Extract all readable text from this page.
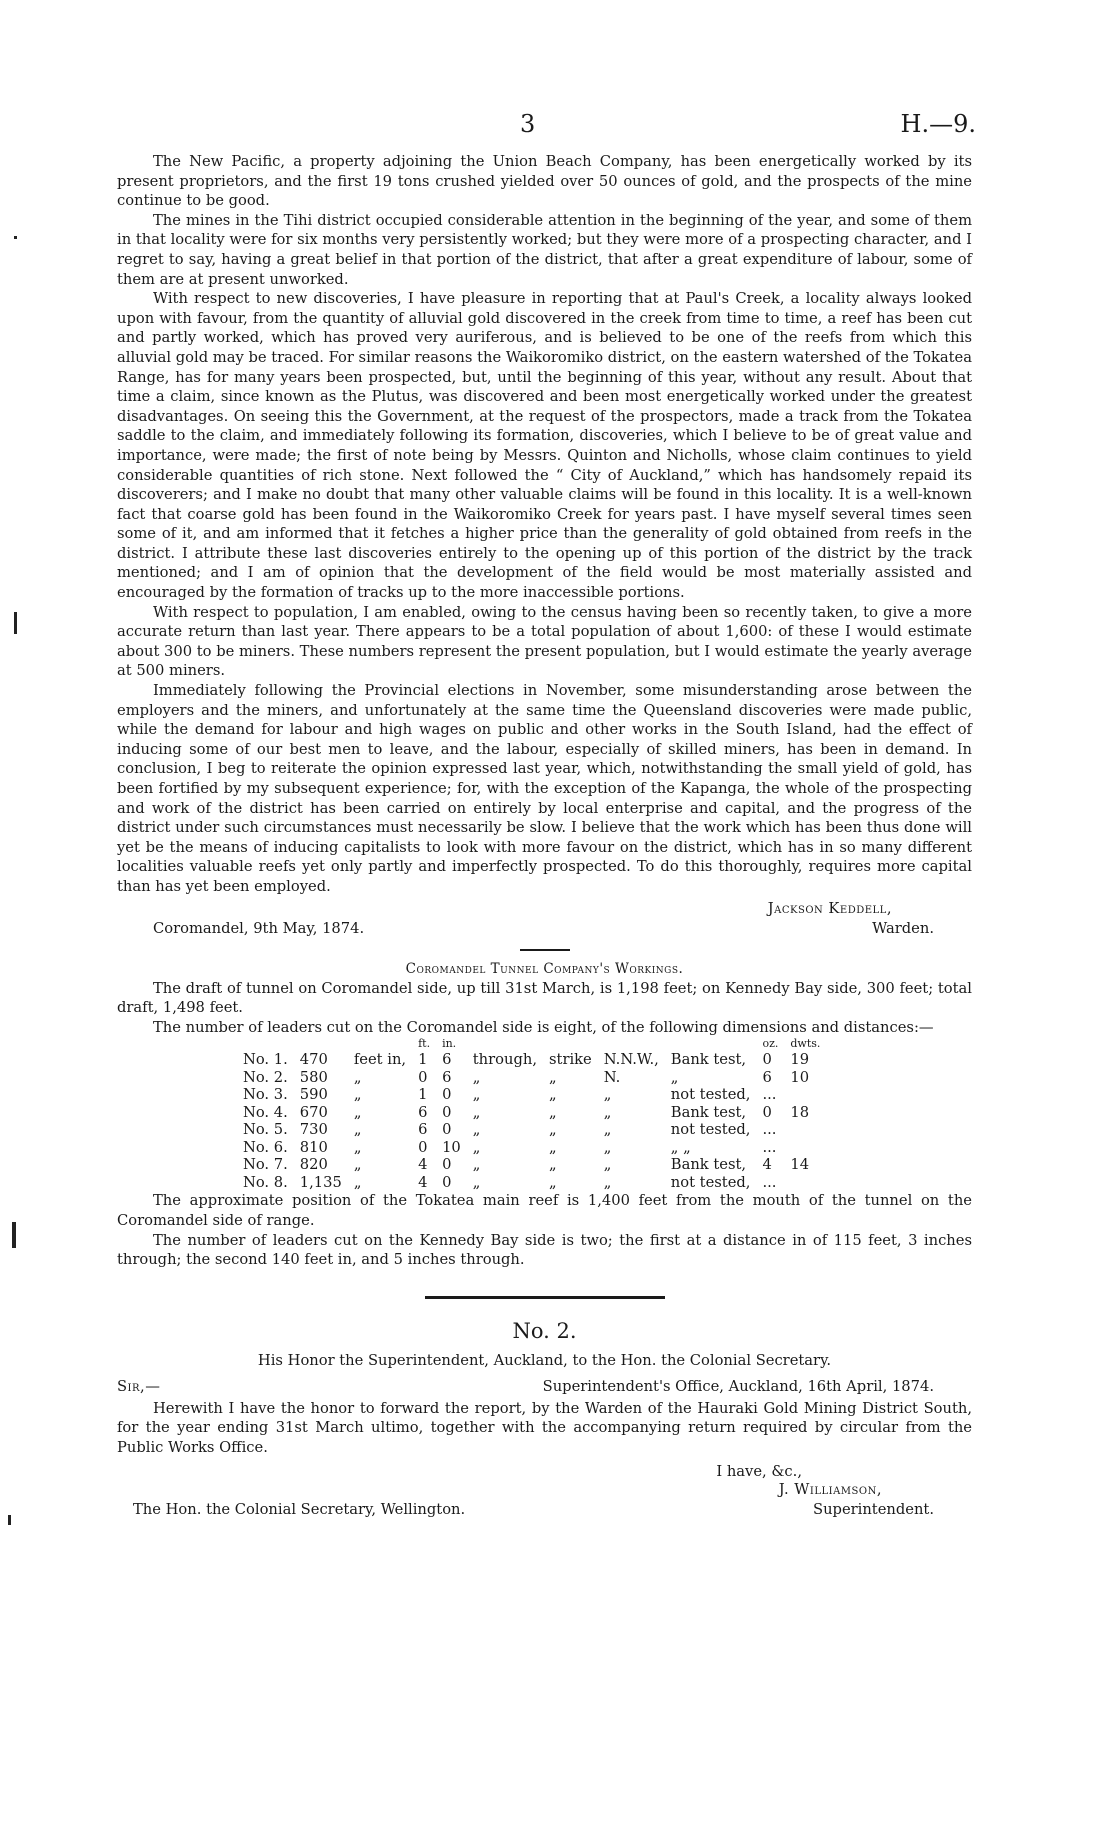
3	H.—9.

The New Pacific, a property adjoining the Union Beach Company, has been energetically worked by its present proprietors, and the first 19 tons crushed yielded over 50 ounces of gold, and the prospects of the mine continue to be good.

The mines in the Tihi district occupied considerable attention in the beginning of the year, and some of them in that locality were for six months very persistently worked; but they were more of a prospecting character, and I regret to say, having a great belief in that portion of the district, that after a great expenditure of labour, some of them are at present unworked.

With respect to new discoveries, I have pleasure in reporting that at Paul's Creek, a locality always looked upon with favour, from the quantity of alluvial gold discovered in the creek from time to time, a reef has been cut and partly worked, which has proved very auriferous, and is believed to be one of the reefs from which this alluvial gold may be traced. For similar reasons the Waikoromiko district, on the eastern watershed of the Tokatea Range, has for many years been prospected, but, until the beginning of this year, without any result. About that time a claim, since known as the Plutus, was discovered and been most energetically worked under the greatest disadvantages. On seeing this the Government, at the request of the prospectors, made a track from the Tokatea saddle to the claim, and immediately following its formation, discoveries, which I believe to be of great value and importance, were made; the first of note being by Messrs. Quinton and Nicholls, whose claim continues to yield considerable quantities of rich stone. Next followed the “ City of Auckland,” which has handsomely repaid its discoverers; and I make no doubt that many other valuable claims will be found in this locality. It is a well-known fact that coarse gold has been found in the Waikoromiko Creek for years past. I have myself several times seen some of it, and am informed that it fetches a higher price than the generality of gold obtained from reefs in the district. I attribute these last discoveries entirely to the opening up of this portion of the district by the track mentioned; and I am of opinion that the development of the field would be most materially assisted and encouraged by the formation of tracks up to the more inaccessible portions.

With respect to population, I am enabled, owing to the census having been so recently taken, to give a more accurate return than last year. There appears to be a total population of about 1,600: of these I would estimate about 300 to be miners. These numbers represent the present population, but I would estimate the yearly average at 500 miners.

Immediately following the Provincial elections in November, some misunderstanding arose between the employers and the miners, and unfortunately at the same time the Queensland discoveries were made public, while the demand for labour and high wages on public and other works in the South Island, had the effect of inducing some of our best men to leave, and the labour, especially of skilled miners, has been in demand. In conclusion, I beg to reiterate the opinion expressed last year, which, notwithstanding the small yield of gold, has been fortified by my subsequent experience; for, with the exception of the Kapanga, the whole of the prospecting and work of the district has been carried on entirely by local enterprise and capital, and the progress of the district under such circumstances must necessarily be slow. I believe that the work which has been thus done will yet be the means of inducing capitalists to look with more favour on the district, which has in so many different localities valuable reefs yet only partly and imperfectly prospected. To do this thoroughly, requires more capital than has yet been employed.

Jackson Keddell,
Coromandel, 9th May, 1874.	Warden.
Coromandel Tunnel Company's Workings.

The draft of tunnel on Coromandel side, up till 31st March, is 1,198 feet; on Kennedy Bay side, 300 feet; total draft, 1,498 feet.

The number of leaders cut on the Coromandel side is eight, of the following dimensions and distances:—

			ft.	in.					oz.	dwts.
No. 1.	470	feet in,	1	6	through,	strike	N.N.W.,	Bank test,	0	19
No. 2.	580	„	0	6	„	„	N.	„	6	10
No. 3.	590	„	1	0	„	„	„	not tested,	...	
No. 4.	670	„	6	0	„	„	„	Bank test,	0	18
No. 5.	730	„	6	0	„	„	„	not tested,	...	
No. 6.	810	„	0	10	„	„	„	„ „	...	
No. 7.	820	„	4	0	„	„	„	Bank test,	4	14
No. 8.	1,135	„	4	0	„	„	„	not tested,	...	

The approximate position of the Tokatea main reef is 1,400 feet from the mouth of the tunnel on the Coromandel side of range.

The number of leaders cut on the Kennedy Bay side is two; the first at a distance in of 115 feet, 3 inches through; the second 140 feet in, and 5 inches through.

No. 2.
His Honor the Superintendent, Auckland, to the Hon. the Colonial Secretary.
Sir,—	Superintendent's Office, Auckland, 16th April, 1874.

Herewith I have the honor to forward the report, by the Warden of the Hauraki Gold Mining District South, for the year ending 31st March ultimo, together with the accompanying return required by circular from the Public Works Office.

I have, &c.,
J. Williamson,
The Hon. the Colonial Secretary, Wellington.	Superintendent.
